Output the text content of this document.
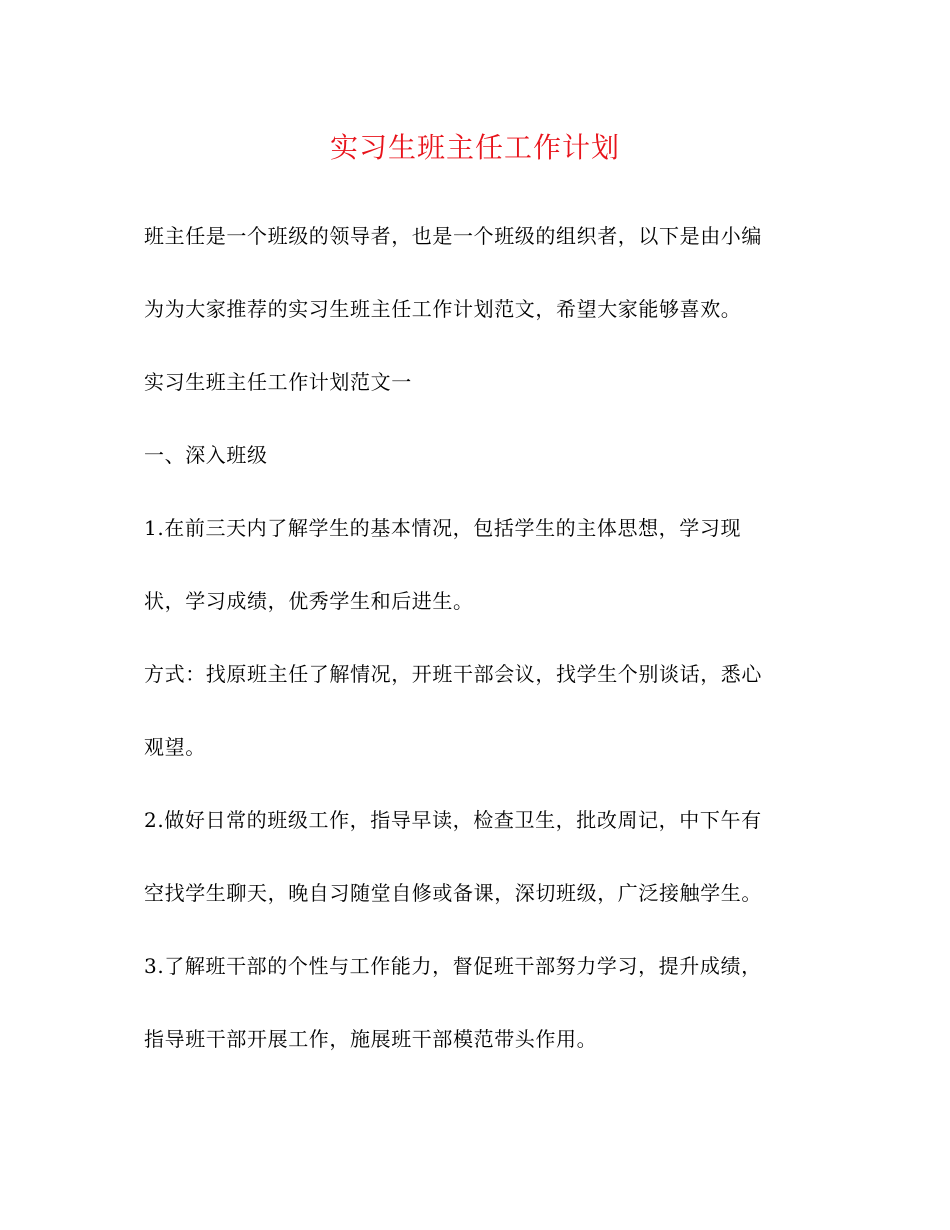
实习生班主任工作计划
班主任是一个班级的领导者，也是一个班级的组织者，以下是由小编
为为大家推荐的实习生班主任工作计划范文，希望大家能够喜欢。
实习生班主任工作计划范文一
一、深入班级
1.在前三天内了解学生的基本情况，包括学生的主体思想，学习现
状，学习成绩，优秀学生和后进生。
方式：找原班主任了解情况，开班干部会议，找学生个别谈话，悉心
观望。
2.做好日常的班级工作，指导早读，检查卫生，批改周记，中下午有
空找学生聊天，晚自习随堂自修或备课，深切班级，广泛接触学生。
3.了解班干部的个性与工作能力，督促班干部努力学习，提升成绩，
指导班干部开展工作，施展班干部模范带头作用。
